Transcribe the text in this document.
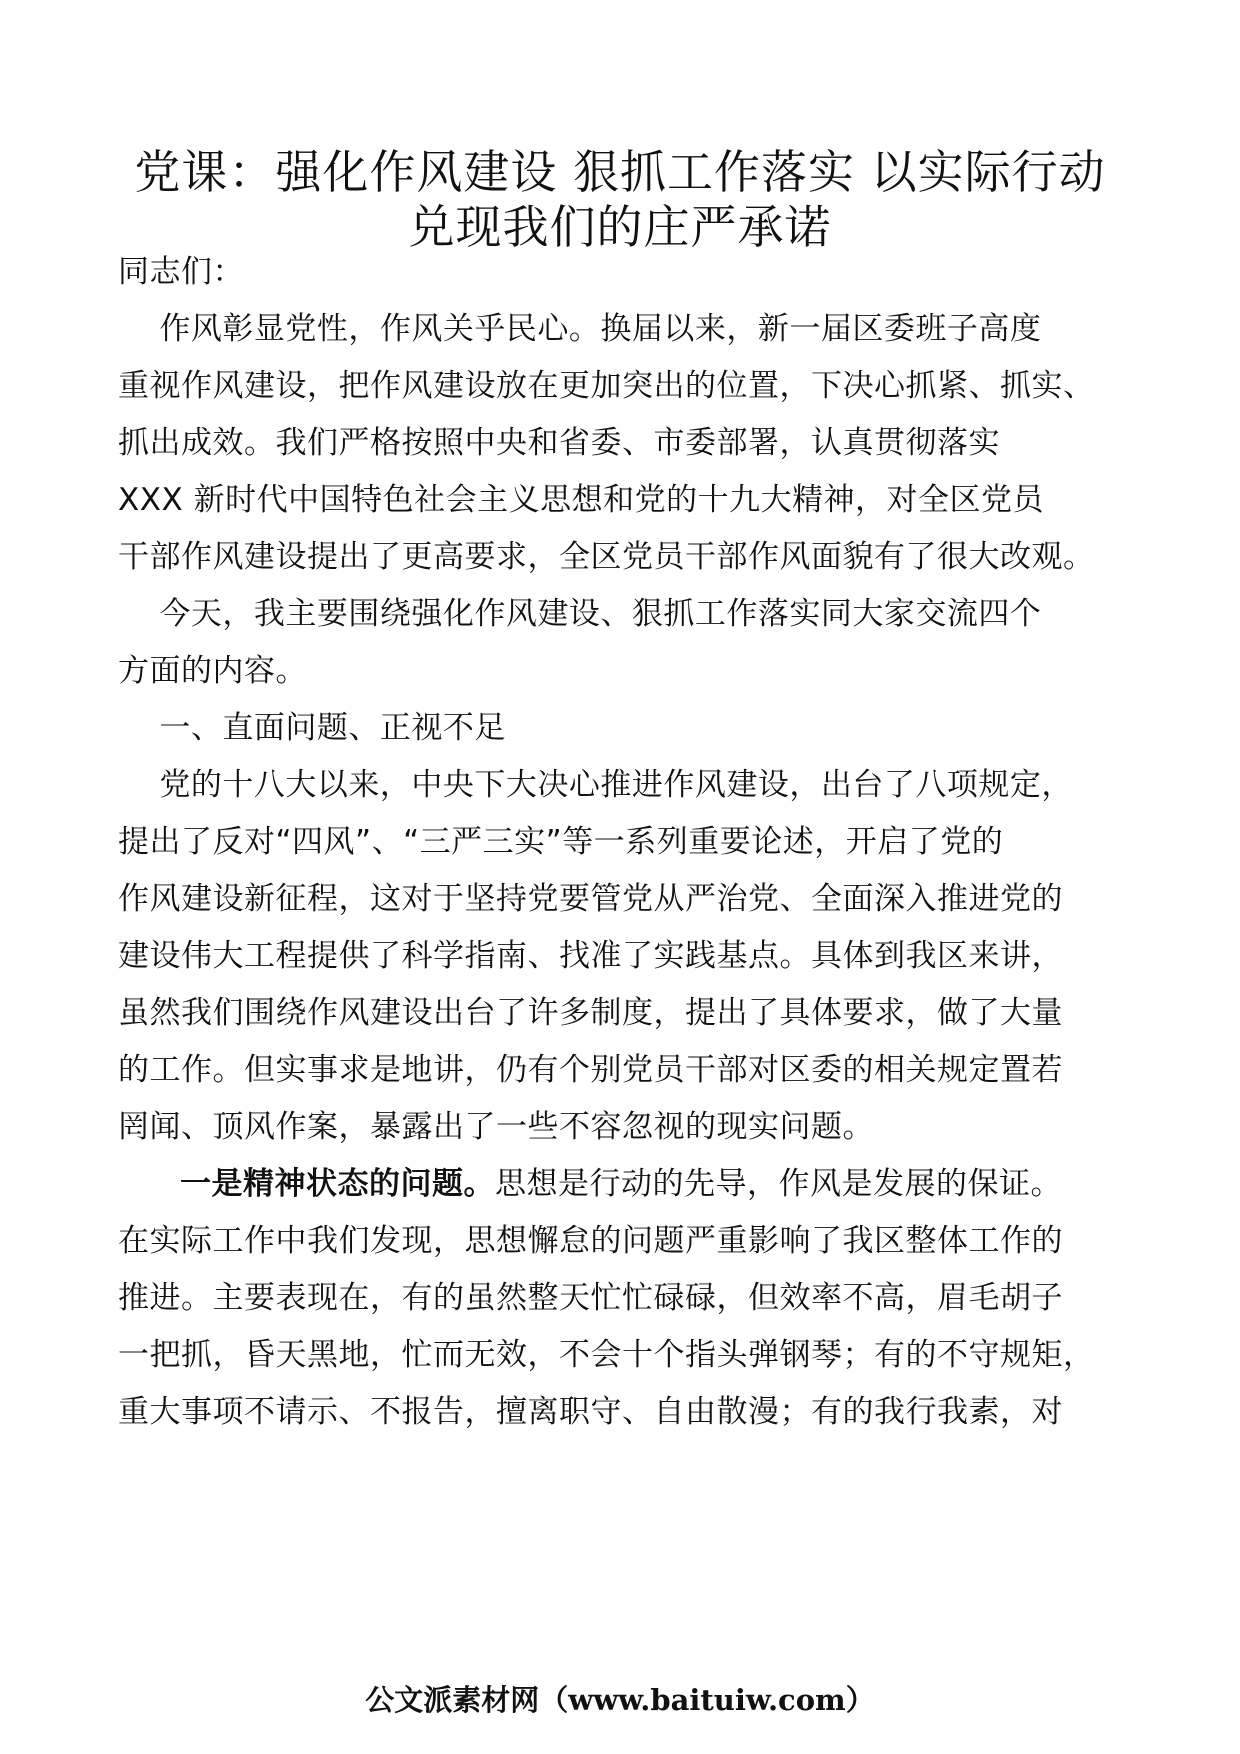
党课：强化作风建设 狠抓工作落实 以实际行动
兑现我们的庄严承诺
同志们：
作风彰显党性，作风关乎民心。换届以来，新一届区委班子高度
重视作风建设，把作风建设放在更加突出的位置，下决心抓紧、抓实、
抓出成效。我们严格按照中央和省委、市委部署，认真贯彻落实
XXX 新时代中国特色社会主义思想和党的十九大精神，对全区党员
干部作风建设提出了更高要求，全区党员干部作风面貌有了很大改观。
今天，我主要围绕强化作风建设、狠抓工作落实同大家交流四个
方面的内容。
一、直面问题、正视不足
党的十八大以来，中央下大决心推进作风建设，出台了八项规定，
提出了反对“四风”、“三严三实”等一系列重要论述，开启了党的
作风建设新征程，这对于坚持党要管党从严治党、全面深入推进党的
建设伟大工程提供了科学指南、找准了实践基点。具体到我区来讲，
虽然我们围绕作风建设出台了许多制度，提出了具体要求，做了大量
的工作。但实事求是地讲，仍有个别党员干部对区委的相关规定置若
罔闻、顶风作案，暴露出了一些不容忽视的现实问题。
一是精神状态的问题。思想是行动的先导，作风是发展的保证。
在实际工作中我们发现，思想懈怠的问题严重影响了我区整体工作的
推进。主要表现在，有的虽然整天忙忙碌碌，但效率不高，眉毛胡子
一把抓，昏天黑地，忙而无效，不会十个指头弹钢琴；有的不守规矩，
重大事项不请示、不报告，擅离职守、自由散漫；有的我行我素，对
公文派素材网（www.baituiw.com）
